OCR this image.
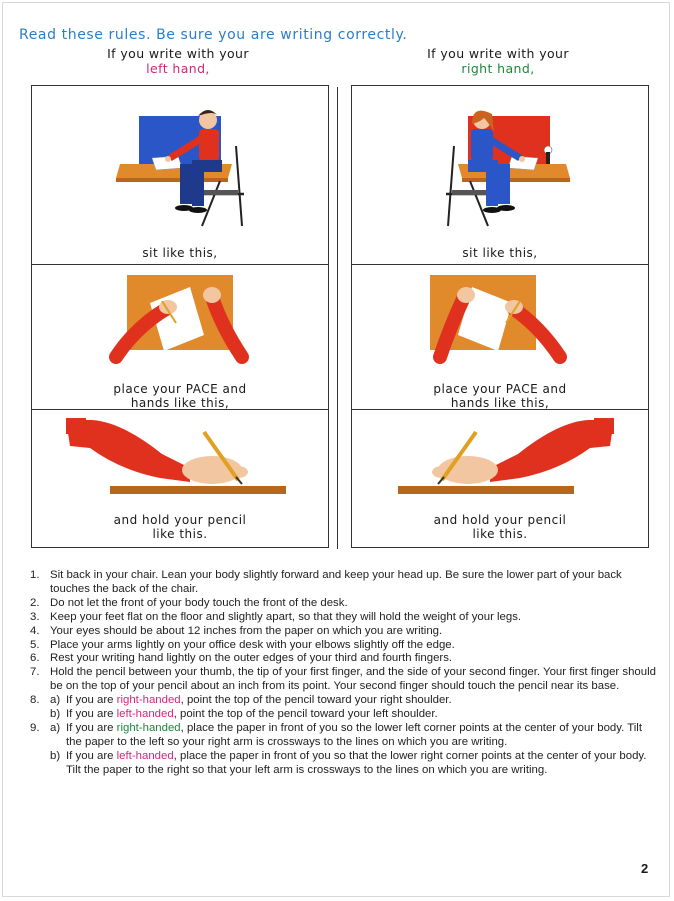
Read these rules. Be sure you are writing correctly.
If you write with your
left hand,
If you write with your
right hand,
sit like this,
place your PACE and
hands like this,
and hold your pencil
like this.
sit like this,
place your PACE and
hands like this,
and hold your pencil
like this.
1. Sit back in your chair. Lean your body slightly forward and keep your head up. Be sure the lower part of your back touches the back of the chair.
2. Do not let the front of your body touch the front of the desk.
3. Keep your feet flat on the floor and slightly apart, so that they will hold the weight of your legs.
4. Your eyes should be about 12 inches from the paper on which you are writing.
5. Place your arms lightly on your office desk with your elbows slightly off the edge.
6. Rest your writing hand lightly on the outer edges of your third and fourth fingers.
7. Hold the pencil between your thumb, the tip of your first finger, and the side of your second finger. Your first finger should be on the top of your pencil about an inch from its point. Your second finger should touch the pencil near its base.
8. a) If you are right-handed, point the top of the pencil toward your right shoulder.
b) If you are left-handed, point the top of the pencil toward your left shoulder.
9. a) If you are right-handed, place the paper in front of you so the lower left corner points at the center of your body. Tilt the paper to the left so your right arm is crossways to the lines on which you are writing.
b) If you are left-handed, place the paper in front of you so that the lower right corner points at the center of your body. Tilt the paper to the right so that your left arm is crossways to the lines on which you are writing.
2
